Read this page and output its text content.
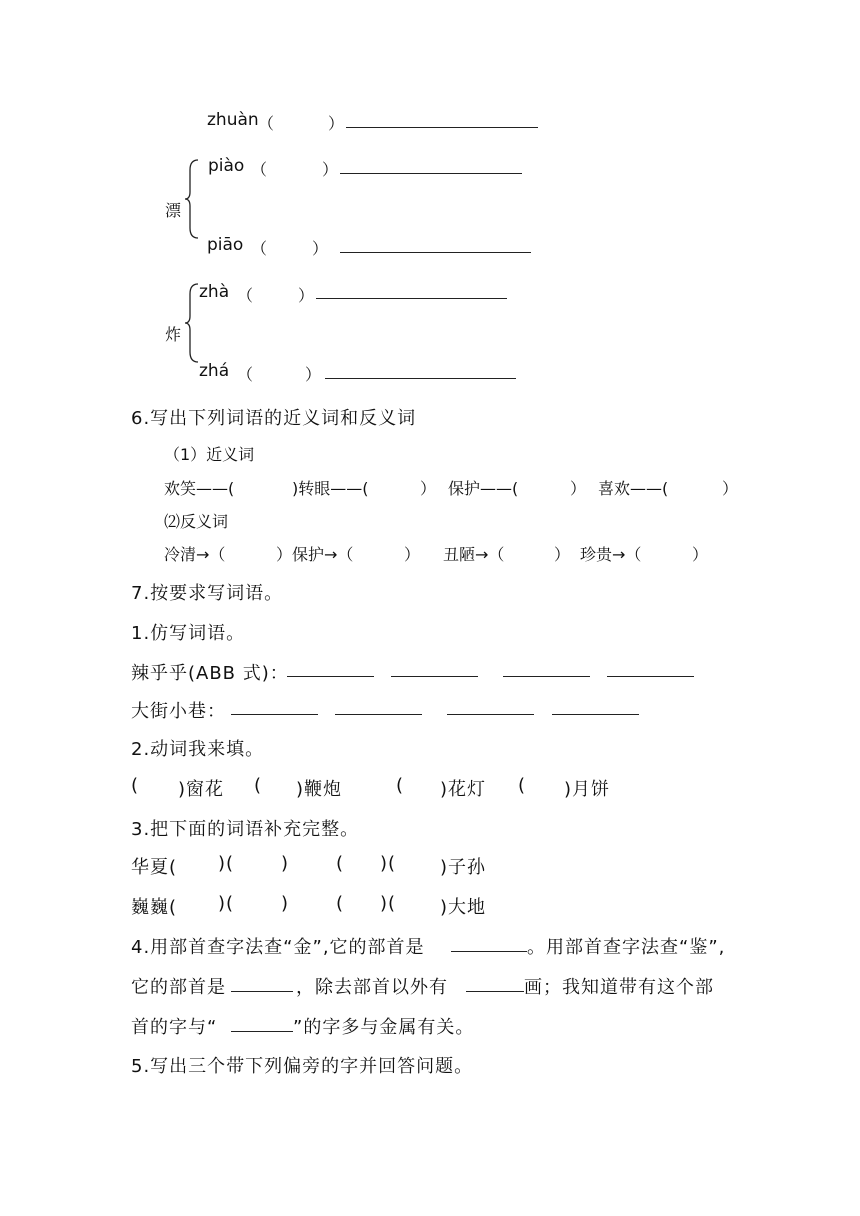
zhuàn （	）
漂
piào （	）
piāo （	）
炸
zhà （	）
zhá （	）
6.写出下列词语的近义词和反义词
（1）近义词
欢笑——(	)转眼——(	） 保护——(	） 喜欢——(	）
⑵反义词
冷清→（	）保护→（	） 丑陋→（	） 珍贵→（	）
7.按要求写词语。
1.仿写词语。
辣乎乎(ABB 式)：
大街小巷：
2.动词我来填。
( )窗花 ( )鞭炮	( )花灯 ( )月饼
3.把下面的词语补充完整。
华夏( )(	)	( )( )子孙
巍巍( )(	)	( )( )大地
4.用部首查字法查“金”,它的部首是	。用部首查字法查“鉴”,
它的部首是	，除去部首以外有	画；我知道带有这个部
首的字与“	”的字多与金属有关。
5.写出三个带下列偏旁的字并回答问题。
